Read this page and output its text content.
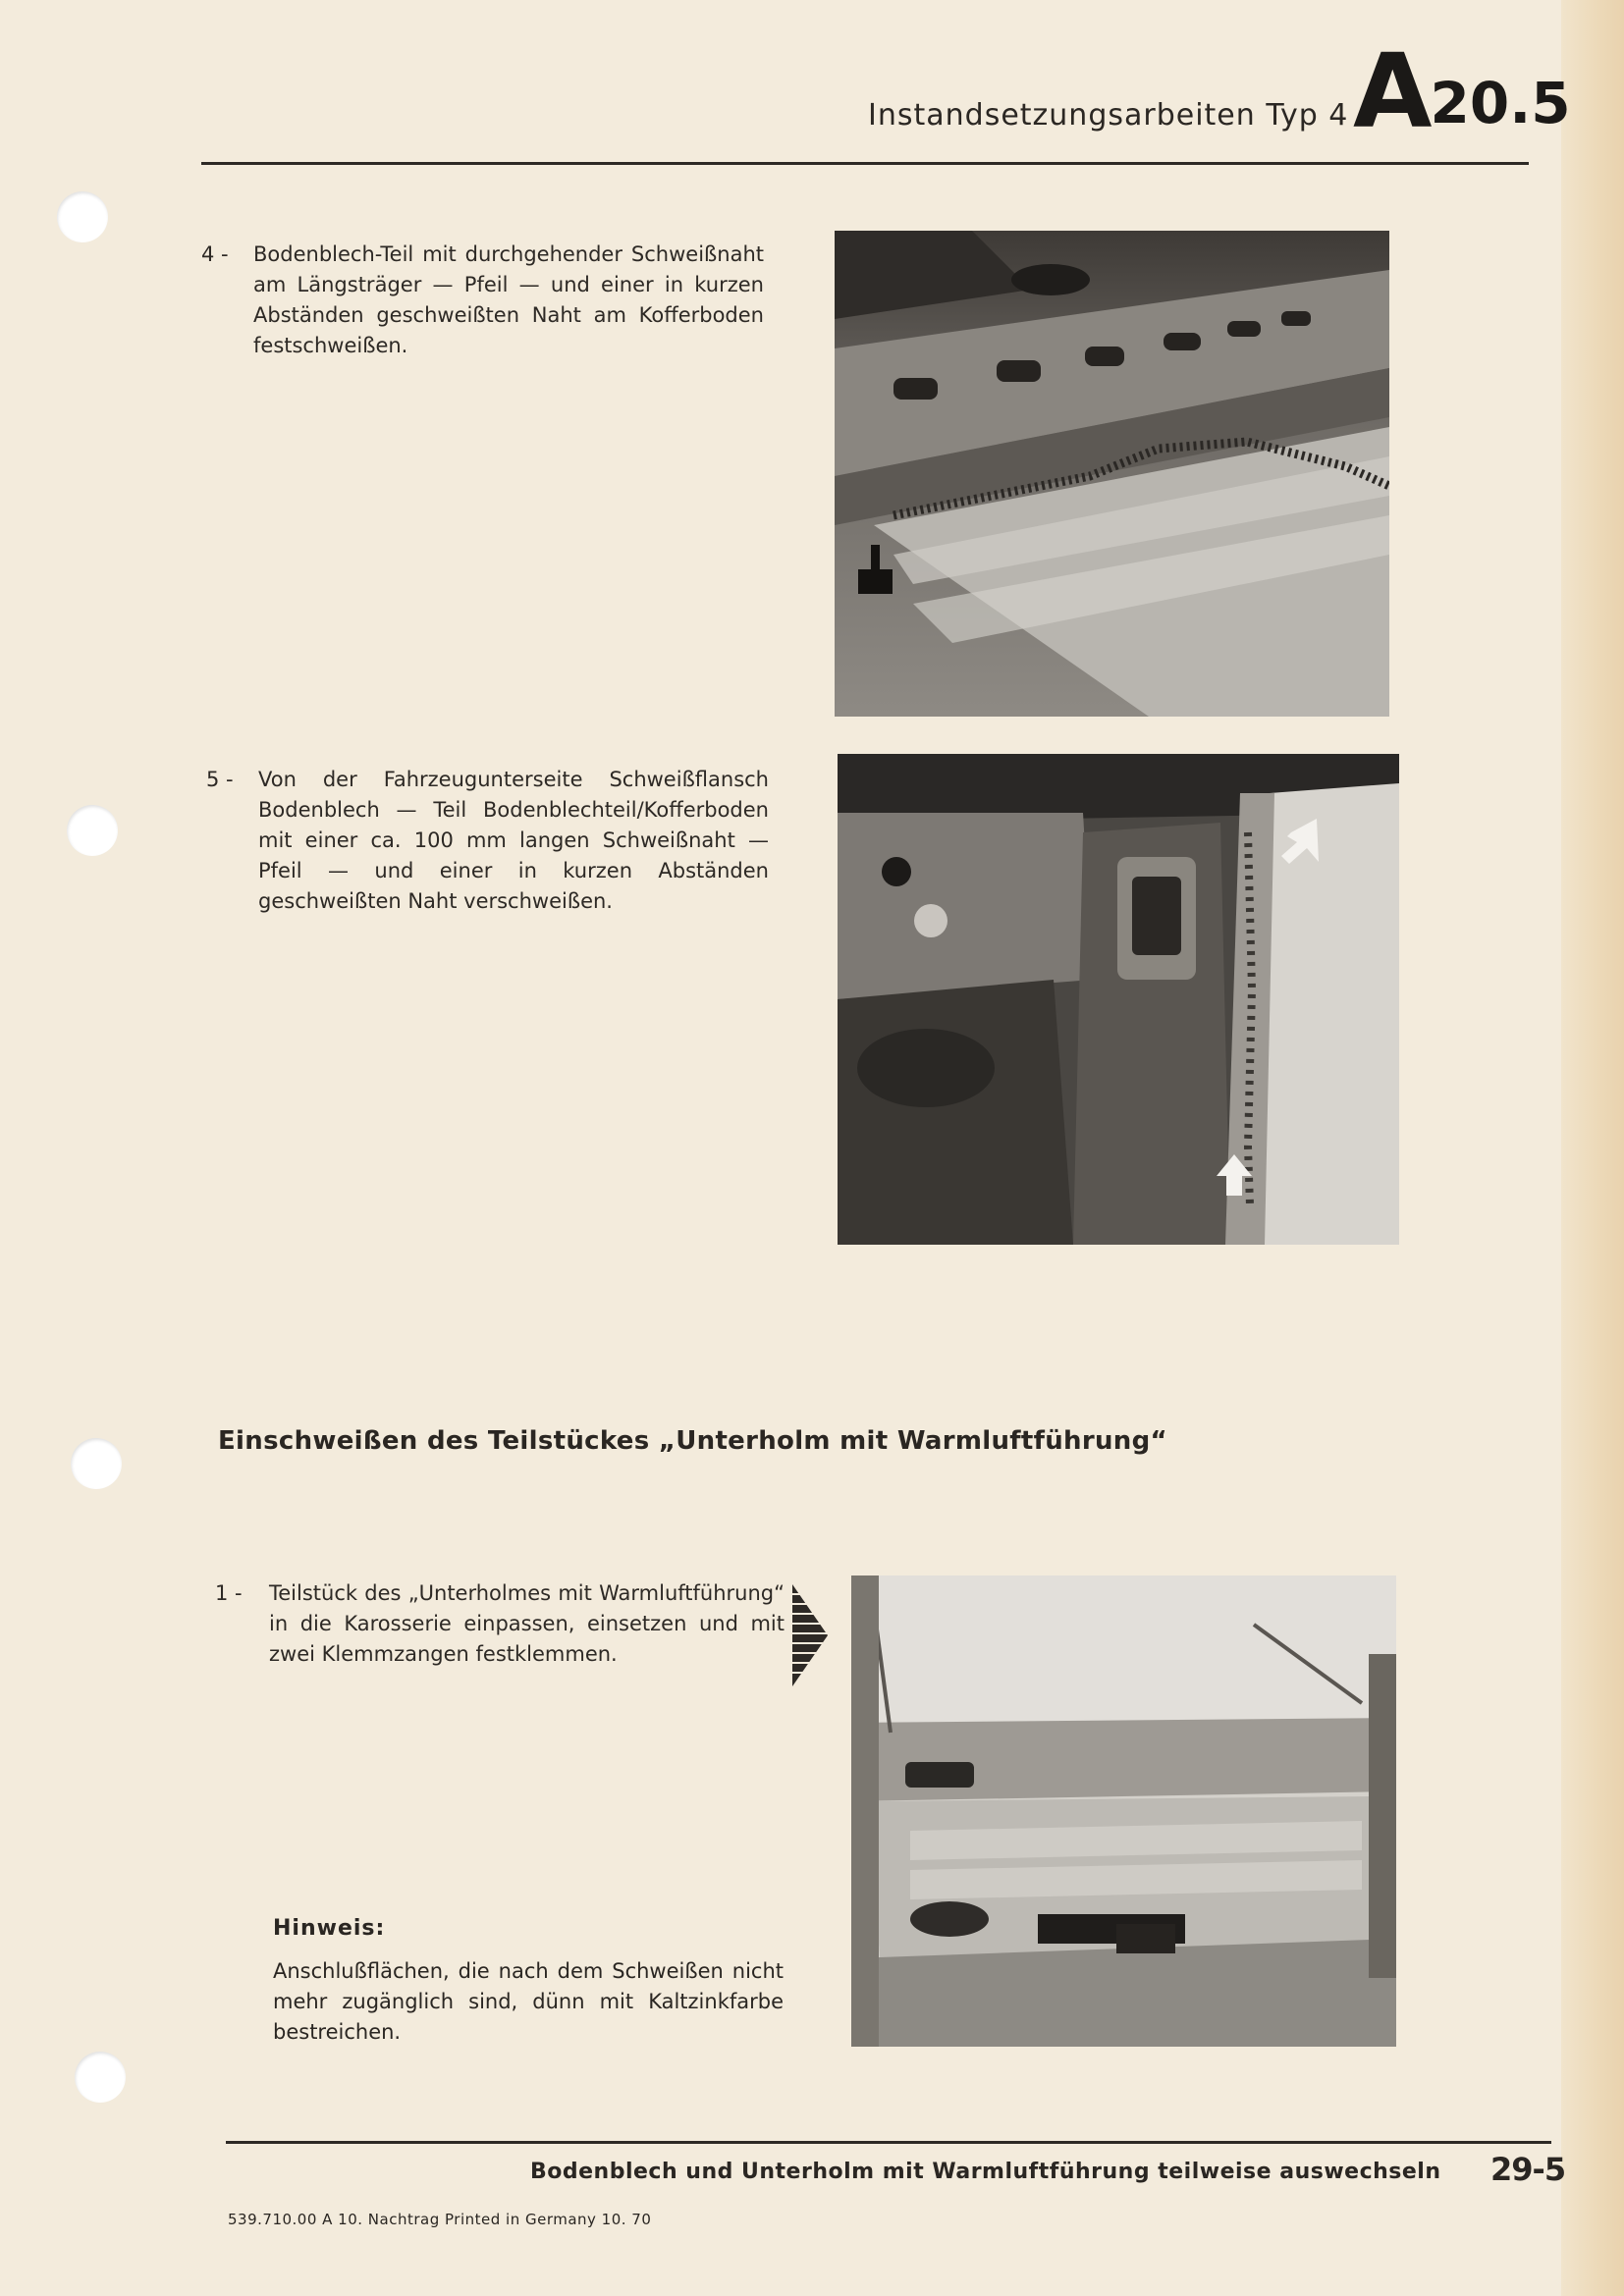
Instandsetzungsarbeiten Typ 4 A20.5
4 - Bodenblech-Teil mit durchgehender Schweißnaht am Längsträger — Pfeil — und einer in kurzen Abständen geschweißten Naht am Kofferboden festschweißen.
5 - Von der Fahrzeugunterseite Schweißflansch Bodenblech — Teil Bodenblechteil/Kofferboden mit einer ca. 100 mm langen Schweißnaht — Pfeil — und einer in kurzen Abständen geschweißten Naht verschweißen.
Einschweißen des Teilstückes „Unterholm mit Warmluftführung“
1 - Teilstück des „Unterholmes mit Warmluftführung“ in die Karosserie einpassen, einsetzen und mit zwei Klemmzangen festklemmen.
Hinweis:
Anschlußflächen, die nach dem Schweißen nicht mehr zugänglich sind, dünn mit Kaltzinkfarbe bestreichen.
Bodenblech und Unterholm mit Warmluftführung teilweise auswechseln 29-5
539.710.00 A 10. Nachtrag Printed in Germany 10. 70
